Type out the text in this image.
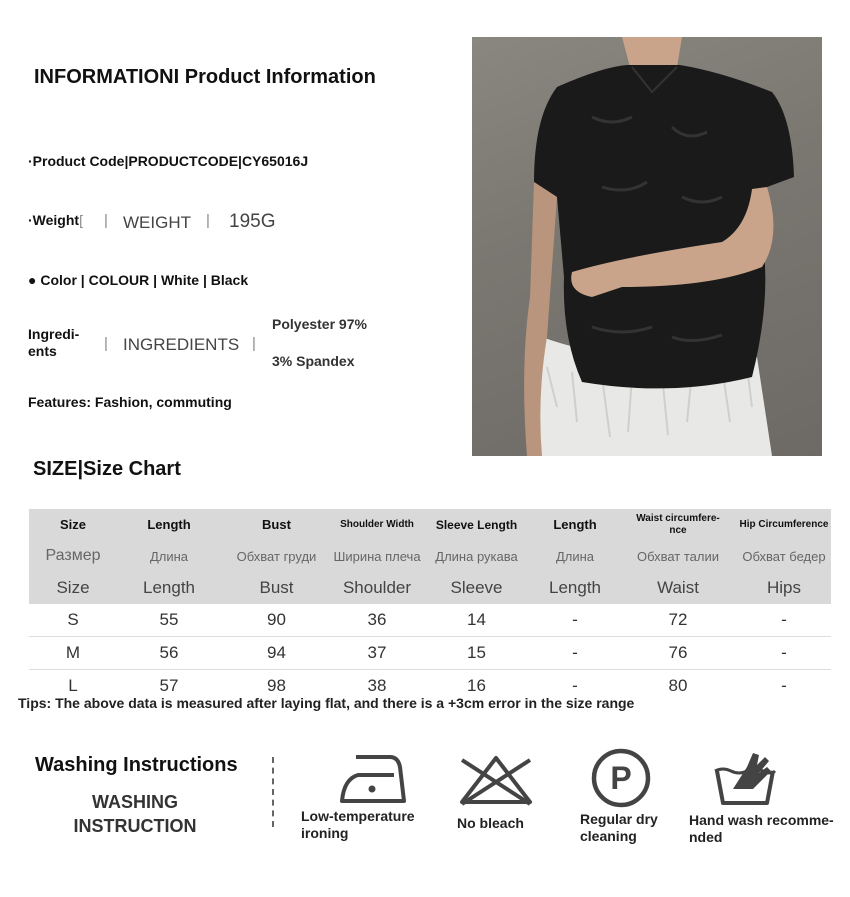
INFORMATIONI Product Information
·Product Code|PRODUCTCODE|CY65016J
·Weight[ | WEIGHT | 195G
● Color | COLOUR | White | Black
Ingredi-
ents	| INGREDIENTS |
Polyester 97%
3% Spandex
Features: Fashion, commuting
SIZE|Size Chart
Size	Length	Bust	Shoulder Width	Sleeve Length	Length	Waist circumfere-
nce	Hip Circumference
Размер	Длина	Обхват груди	Ширина плеча	Длина рукава	Длина	Обхват талии	Обхват бедер
Size	Length	Bust	Shoulder	Sleeve	Length	Waist	Hips
S	55	90	36	14	-	72	-
M	56	94	37	15	-	76	-
L	57	98	38	16	-	80	-
Tips: The above data is measured after laying flat, and there is a +3cm error in the size range
Washing Instructions
WASHING
INSTRUCTION	Low-temperature
ironing
No bleach
P
Regular dry
cleaning
Hand wash recomme-
nded
